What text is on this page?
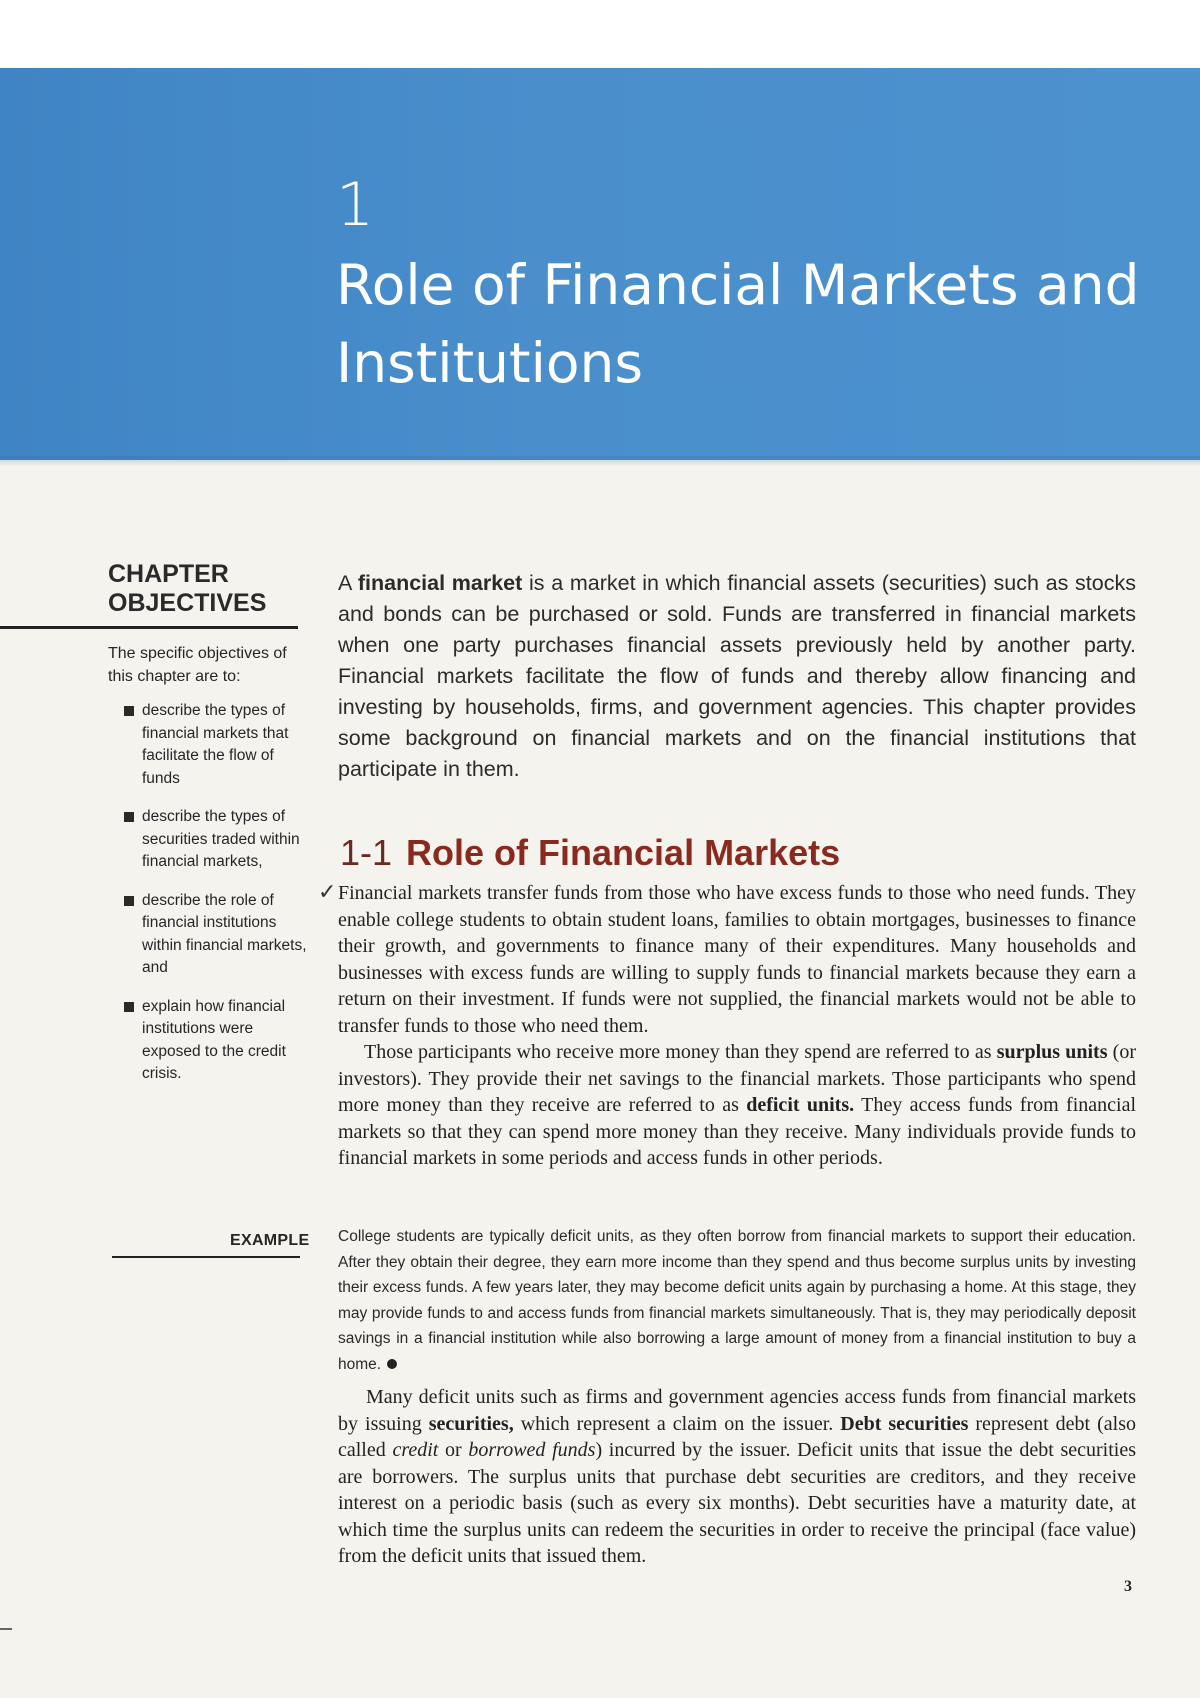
1
Role of Financial Markets and Institutions
CHAPTER
OBJECTIVES
The specific objectives of this chapter are to:
describe the types of financial markets that facilitate the flow of funds
describe the types of securities traded within financial markets,
describe the role of financial institutions within financial markets, and
explain how financial institutions were exposed to the credit crisis.
A financial market is a market in which financial assets (securities) such as stocks and bonds can be purchased or sold. Funds are transferred in financial markets when one party purchases financial assets previously held by another party. Financial markets facilitate the flow of funds and thereby allow financing and investing by households, firms, and government agencies. This chapter provides some background on financial markets and on the financial institutions that participate in them.
1-1 Role of Financial Markets
✓ Financial markets transfer funds from those who have excess funds to those who need funds. They enable college students to obtain student loans, families to obtain mortgages, businesses to finance their growth, and governments to finance many of their expenditures. Many households and businesses with excess funds are willing to supply funds to financial markets because they earn a return on their investment. If funds were not supplied, the financial markets would not be able to transfer funds to those who need them.

Those participants who receive more money than they spend are referred to as surplus units (or investors). They provide their net savings to the financial markets. Those participants who spend more money than they receive are referred to as deficit units. They access funds from financial markets so that they can spend more money than they receive. Many individuals provide funds to financial markets in some periods and access funds in other periods.

EXAMPLE College students are typically deficit units, as they often borrow from financial markets to support their education. After they obtain their degree, they earn more income than they spend and thus become surplus units by investing their excess funds. A few years later, they may become deficit units again by purchasing a home. At this stage, they may provide funds to and access funds from financial markets simultaneously. That is, they may periodically deposit savings in a financial institution while also borrowing a large amount of money from a financial institution to buy a home.
Many deficit units such as firms and government agencies access funds from financial markets by issuing securities, which represent a claim on the issuer. Debt securities represent debt (also called credit or borrowed funds) incurred by the issuer. Deficit units that issue the debt securities are borrowers. The surplus units that purchase debt securities are creditors, and they receive interest on a periodic basis (such as every six months). Debt securities have a maturity date, at which time the surplus units can redeem the securities in order to receive the principal (face value) from the deficit units that issued them.
3
